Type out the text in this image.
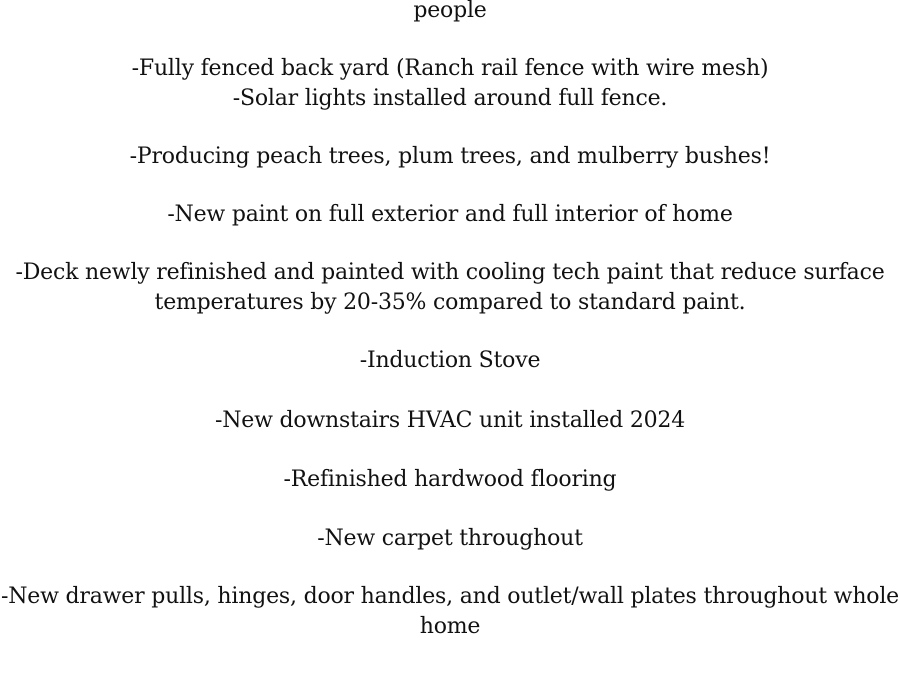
people
-Fully fenced back yard (Ranch rail fence with wire mesh)
-Solar lights installed around full fence.
-Producing peach trees, plum trees, and mulberry bushes!
-New paint on full exterior and full interior of home
-Deck newly refinished and painted with cooling tech paint that reduce surface
temperatures by 20-35% compared to standard paint.
-Induction Stove
-New downstairs HVAC unit installed 2024
-Refinished hardwood flooring
-New carpet throughout
-New drawer pulls, hinges, door handles, and outlet/wall plates throughout whole
home
